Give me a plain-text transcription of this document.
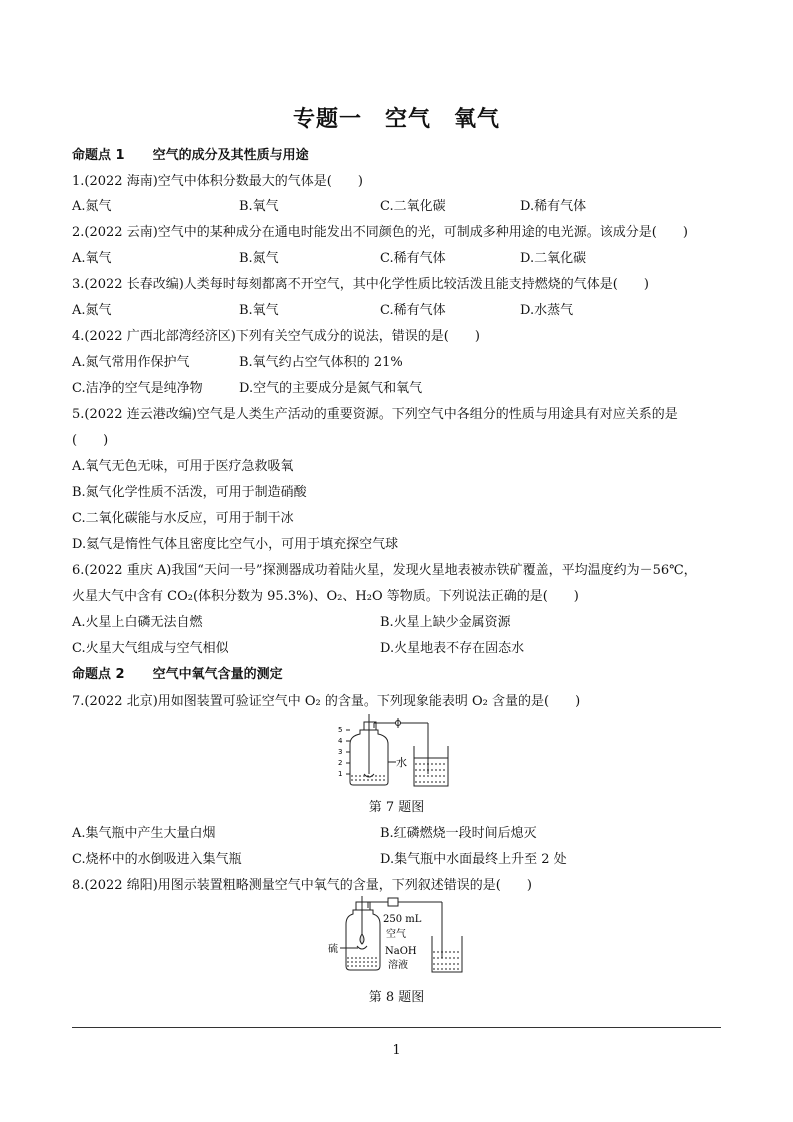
专题一　空气　氧气
命题点 1 空气的成分及其性质与用途
1.(2022 海南)空气中体积分数最大的气体是(　　)
A.氮气	B.氧气	C.二氧化碳	D.稀有气体
2.(2022 云南)空气中的某种成分在通电时能发出不同颜色的光，可制成多种用途的电光源。该成分是(　　)
A.氧气	B.氮气	C.稀有气体	D.二氧化碳
3.(2022 长春改编)人类每时每刻都离不开空气，其中化学性质比较活泼且能支持燃烧的气体是(　　)
A.氮气	B.氧气	C.稀有气体	D.水蒸气
4.(2022 广西北部湾经济区)下列有关空气成分的说法，错误的是(　　)
A.氮气常用作保护气	B.氧气约占空气体积的 21%
C.洁净的空气是纯净物	D.空气的主要成分是氮气和氧气
5.(2022 连云港改编)空气是人类生产活动的重要资源。下列空气中各组分的性质与用途具有对应关系的是
(　　)
A.氧气无色无味，可用于医疗急救吸氧
B.氮气化学性质不活泼，可用于制造硝酸
C.二氧化碳能与水反应，可用于制干冰
D.氦气是惰性气体且密度比空气小，可用于填充探空气球
6.(2022 重庆 A)我国“天问一号”探测器成功着陆火星，发现火星地表被赤铁矿覆盖，平均温度约为－56℃，
火星大气中含有 CO₂(体积分数为 95.3%)、O₂、H₂O 等物质。下列说法正确的是(　　)
A.火星上白磷无法自燃	B.火星上缺少金属资源
C.火星大气组成与空气相似	D.火星地表不存在固态水
命题点 2 空气中氧气含量的测定
7.(2022 北京)用如图装置可验证空气中 O₂ 的含量。下列现象能表明 O₂ 含量的是(　　)
5
4
3
2
1
水
第 7 题图
A.集气瓶中产生大量白烟	B.红磷燃烧一段时间后熄灭
C.烧杯中的水倒吸进入集气瓶	D.集气瓶中水面最终上升至 2 处
8.(2022 绵阳)用图示装置粗略测量空气中氧气的含量，下列叙述错误的是(　　)
250 mL
空气
NaOH
溶液
硫
第 8 题图
1
